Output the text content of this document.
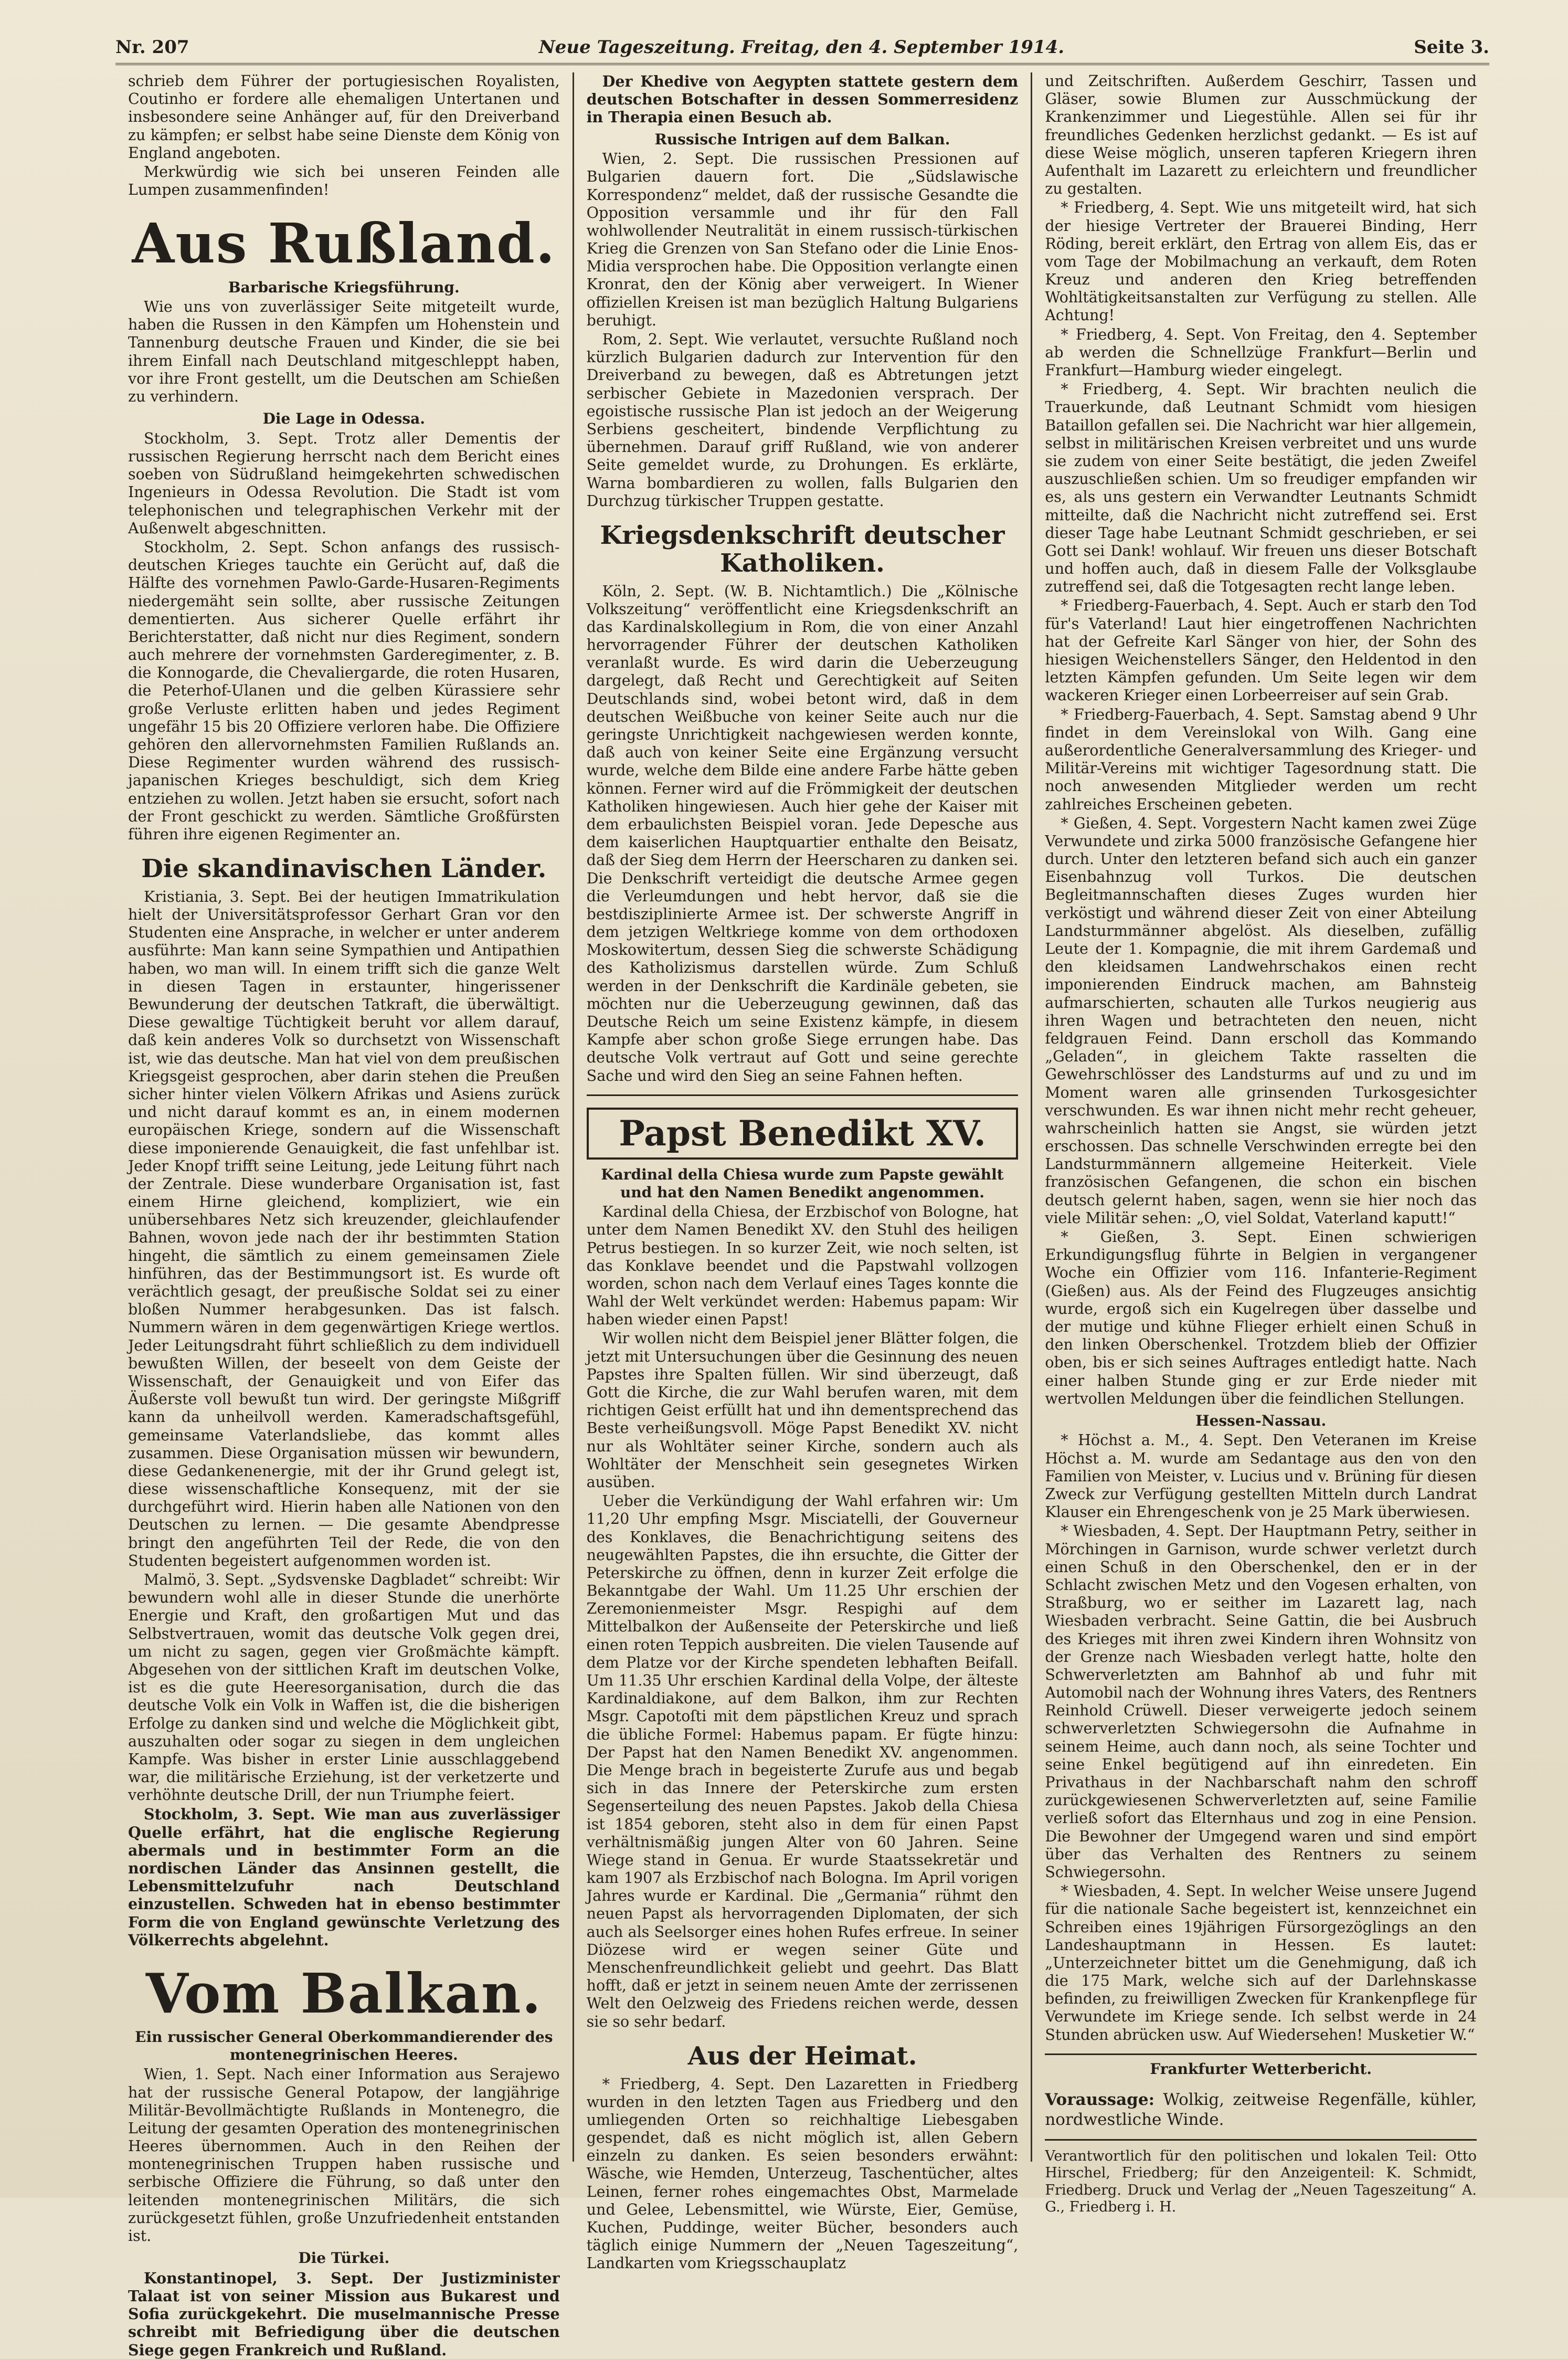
Nr. 207	Neue Tageszeitung. Freitag, den 4. September 1914.	Seite 3.

schrieb dem Führer der portugiesischen Royalisten, Coutinho er fordere alle ehemaligen Untertanen und insbesondere seine Anhänger auf, für den Dreiverband zu kämpfen; er selbst habe seine Dienste dem König von England angeboten.

Merkwürdig wie sich bei unseren Feinden alle Lumpen zusammenfinden!

Aus Rußland.
Barbarische Kriegsführung.

Wie uns von zuverlässiger Seite mitgeteilt wurde, haben die Russen in den Kämpfen um Hohenstein und Tannenburg deutsche Frauen und Kinder, die sie bei ihrem Einfall nach Deutschland mitgeschleppt haben, vor ihre Front gestellt, um die Deutschen am Schießen zu verhindern.

Die Lage in Odessa.

Stockholm, 3. Sept. Trotz aller Dementis der russischen Regierung herrscht nach dem Bericht eines soeben von Südrußland heimgekehrten schwedischen Ingenieurs in Odessa Revolution. Die Stadt ist vom telephonischen und telegraphischen Verkehr mit der Außenwelt abgeschnitten.

Stockholm, 2. Sept. Schon anfangs des russisch-deutschen Krieges tauchte ein Gerücht auf, daß die Hälfte des vornehmen Pawlo-Garde-Husaren-Regiments niedergemäht sein sollte, aber russische Zeitungen dementierten. Aus sicherer Quelle erfährt ihr Berichterstatter, daß nicht nur dies Regiment, sondern auch mehrere der vornehmsten Garderegimenter, z. B. die Konnogarde, die Chevaliergarde, die roten Husaren, die Peterhof-Ulanen und die gelben Kürassiere sehr große Verluste erlitten haben und jedes Regiment ungefähr 15 bis 20 Offiziere verloren habe. Die Offiziere gehören den allervornehmsten Familien Rußlands an. Diese Regimenter wurden während des russisch-japanischen Krieges beschuldigt, sich dem Krieg entziehen zu wollen. Jetzt haben sie ersucht, sofort nach der Front geschickt zu werden. Sämtliche Großfürsten führen ihre eigenen Regimenter an.

Die skandinavischen Länder.

Kristiania, 3. Sept. Bei der heutigen Immatrikulation hielt der Universitätsprofessor Gerhart Gran vor den Studenten eine Ansprache, in welcher er unter anderem ausführte: Man kann seine Sympathien und Antipathien haben, wo man will. In einem trifft sich die ganze Welt in diesen Tagen in erstaunter, hingerissener Bewunderung der deutschen Tatkraft, die überwältigt. Diese gewaltige Tüchtigkeit beruht vor allem darauf, daß kein anderes Volk so durchsetzt von Wissenschaft ist, wie das deutsche. Man hat viel von dem preußischen Kriegsgeist gesprochen, aber darin stehen die Preußen sicher hinter vielen Völkern Afrikas und Asiens zurück und nicht darauf kommt es an, in einem modernen europäischen Kriege, sondern auf die Wissenschaft diese imponierende Genauigkeit, die fast unfehlbar ist. Jeder Knopf trifft seine Leitung, jede Leitung führt nach der Zentrale. Diese wunderbare Organisation ist, fast einem Hirne gleichend, kompliziert, wie ein unübersehbares Netz sich kreuzender, gleichlaufender Bahnen, wovon jede nach der ihr bestimmten Station hingeht, die sämtlich zu einem gemeinsamen Ziele hinführen, das der Bestimmungsort ist. Es wurde oft verächtlich gesagt, der preußische Soldat sei zu einer bloßen Nummer herabgesunken. Das ist falsch. Nummern wären in dem gegenwärtigen Kriege wertlos. Jeder Leitungsdraht führt schließlich zu dem individuell bewußten Willen, der beseelt von dem Geiste der Wissenschaft, der Genauigkeit und von Eifer das Äußerste voll bewußt tun wird. Der geringste Mißgriff kann da unheilvoll werden. Kameradschaftsgefühl, gemeinsame Vaterlandsliebe, das kommt alles zusammen. Diese Organisation müssen wir bewundern, diese Gedankenenergie, mit der ihr Grund gelegt ist, diese wissenschaftliche Konsequenz, mit der sie durchgeführt wird. Hierin haben alle Nationen von den Deutschen zu lernen. — Die gesamte Abendpresse bringt den angeführten Teil der Rede, die von den Studenten begeistert aufgenommen worden ist.

Malmö, 3. Sept. „Sydsvenske Dagbladet“ schreibt: Wir bewundern wohl alle in dieser Stunde die unerhörte Energie und Kraft, den großartigen Mut und das Selbstvertrauen, womit das deutsche Volk gegen drei, um nicht zu sagen, gegen vier Großmächte kämpft. Abgesehen von der sittlichen Kraft im deutschen Volke, ist es die gute Heeresorganisation, durch die das deutsche Volk ein Volk in Waffen ist, die die bisherigen Erfolge zu danken sind und welche die Möglichkeit gibt, auszuhalten oder sogar zu siegen in dem ungleichen Kampfe. Was bisher in erster Linie ausschlaggebend war, die militärische Erziehung, ist der verketzerte und verhöhnte deutsche Drill, der nun Triumphe feiert.

Stockholm, 3. Sept. Wie man aus zuverlässiger Quelle erfährt, hat die englische Regierung abermals und in bestimmter Form an die nordischen Länder das Ansinnen gestellt, die Lebensmittelzufuhr nach Deutschland einzustellen. Schweden hat in ebenso bestimmter Form die von England gewünschte Verletzung des Völkerrechts abgelehnt.

Vom Balkan.
Ein russischer General Oberkommandierender des montenegrinischen Heeres.

Wien, 1. Sept. Nach einer Information aus Serajewo hat der russische General Potapow, der langjährige Militär-Bevollmächtigte Rußlands in Montenegro, die Leitung der gesamten Operation des montenegrinischen Heeres übernommen. Auch in den Reihen der montenegrinischen Truppen haben russische und serbische Offiziere die Führung, so daß unter den leitenden montenegrinischen Militärs, die sich zurückgesetzt fühlen, große Unzufriedenheit entstanden ist.

Die Türkei.

Konstantinopel, 3. Sept. Der Justizminister Talaat ist von seiner Mission aus Bukarest und Sofia zurückgekehrt. Die muselmannische Presse schreibt mit Befriedigung über die deutschen Siege gegen Frankreich und Rußland.

Der Khedive von Aegypten stattete gestern dem deutschen Botschafter in dessen Sommerresidenz in Therapia einen Besuch ab.

Russische Intrigen auf dem Balkan.

Wien, 2. Sept. Die russischen Pressionen auf Bulgarien dauern fort. Die „Südslawische Korrespondenz“ meldet, daß der russische Gesandte die Opposition versammle und ihr für den Fall wohlwollender Neutralität in einem russisch-türkischen Krieg die Grenzen von San Stefano oder die Linie Enos-Midia versprochen habe. Die Opposition verlangte einen Kronrat, den der König aber verweigert. In Wiener offiziellen Kreisen ist man bezüglich Haltung Bulgariens beruhigt.

Rom, 2. Sept. Wie verlautet, versuchte Rußland noch kürzlich Bulgarien dadurch zur Intervention für den Dreiverband zu bewegen, daß es Abtretungen jetzt serbischer Gebiete in Mazedonien versprach. Der egoistische russische Plan ist jedoch an der Weigerung Serbiens gescheitert, bindende Verpflichtung zu übernehmen. Darauf griff Rußland, wie von anderer Seite gemeldet wurde, zu Drohungen. Es erklärte, Warna bombardieren zu wollen, falls Bulgarien den Durchzug türkischer Truppen gestatte.

Kriegsdenkschrift deutscher Katholiken.

Köln, 2. Sept. (W. B. Nichtamtlich.) Die „Kölnische Volkszeitung“ veröffentlicht eine Kriegsdenkschrift an das Kardinalskollegium in Rom, die von einer Anzahl hervorragender Führer der deutschen Katholiken veranlaßt wurde. Es wird darin die Ueberzeugung dargelegt, daß Recht und Gerechtigkeit auf Seiten Deutschlands sind, wobei betont wird, daß in dem deutschen Weißbuche von keiner Seite auch nur die geringste Unrichtigkeit nachgewiesen werden konnte, daß auch von keiner Seite eine Ergänzung versucht wurde, welche dem Bilde eine andere Farbe hätte geben können. Ferner wird auf die Frömmigkeit der deutschen Katholiken hingewiesen. Auch hier gehe der Kaiser mit dem erbaulichsten Beispiel voran. Jede Depesche aus dem kaiserlichen Hauptquartier enthalte den Beisatz, daß der Sieg dem Herrn der Heerscharen zu danken sei. Die Denkschrift verteidigt die deutsche Armee gegen die Verleumdungen und hebt hervor, daß sie die bestdisziplinierte Armee ist. Der schwerste Angriff in dem jetzigen Weltkriege komme von dem orthodoxen Moskowitertum, dessen Sieg die schwerste Schädigung des Katholizismus darstellen würde. Zum Schluß werden in der Denkschrift die Kardinäle gebeten, sie möchten nur die Ueberzeugung gewinnen, daß das Deutsche Reich um seine Existenz kämpfe, in diesem Kampfe aber schon große Siege errungen habe. Das deutsche Volk vertraut auf Gott und seine gerechte Sache und wird den Sieg an seine Fahnen heften.

Papst Benedikt XV.
Kardinal della Chiesa wurde zum Papste gewählt und hat den Namen Benedikt angenommen.

Kardinal della Chiesa, der Erzbischof von Bologne, hat unter dem Namen Benedikt XV. den Stuhl des heiligen Petrus bestiegen. In so kurzer Zeit, wie noch selten, ist das Konklave beendet und die Papstwahl vollzogen worden, schon nach dem Verlauf eines Tages konnte die Wahl der Welt verkündet werden: Habemus papam: Wir haben wieder einen Papst!

Wir wollen nicht dem Beispiel jener Blätter folgen, die jetzt mit Untersuchungen über die Gesinnung des neuen Papstes ihre Spalten füllen. Wir sind überzeugt, daß Gott die Kirche, die zur Wahl berufen waren, mit dem richtigen Geist erfüllt hat und ihn dementsprechend das Beste verheißungsvoll. Möge Papst Benedikt XV. nicht nur als Wohltäter seiner Kirche, sondern auch als Wohltäter der Menschheit sein gesegnetes Wirken ausüben.

Ueber die Verkündigung der Wahl erfahren wir: Um 11,20 Uhr empfing Msgr. Misciatelli, der Gouverneur des Konklaves, die Benachrichtigung seitens des neugewählten Papstes, die ihn ersuchte, die Gitter der Peterskirche zu öffnen, denn in kurzer Zeit erfolge die Bekanntgabe der Wahl. Um 11.25 Uhr erschien der Zeremonienmeister Msgr. Respighi auf dem Mittelbalkon der Außenseite der Peterskirche und ließ einen roten Teppich ausbreiten. Die vielen Tausende auf dem Platze vor der Kirche spendeten lebhaften Beifall. Um 11.35 Uhr erschien Kardinal della Volpe, der älteste Kardinaldiakone, auf dem Balkon, ihm zur Rechten Msgr. Capotoſti mit dem päpstlichen Kreuz und sprach die übliche Formel: Habemus papam. Er fügte hinzu: Der Papst hat den Namen Benedikt XV. angenommen. Die Menge brach in begeisterte Zurufe aus und begab sich in das Innere der Peterskirche zum ersten Segenserteilung des neuen Papstes. Jakob della Chiesa ist 1854 geboren, steht also in dem für einen Papst verhältnismäßig jungen Alter von 60 Jahren. Seine Wiege stand in Genua. Er wurde Staatssekretär und kam 1907 als Erzbischof nach Bologna. Im April vorigen Jahres wurde er Kardinal. Die „Germania“ rühmt den neuen Papst als hervorragenden Diplomaten, der sich auch als Seelsorger eines hohen Rufes erfreue. In seiner Diözese wird er wegen seiner Güte und Menschenfreundlichkeit geliebt und geehrt. Das Blatt hofft, daß er jetzt in seinem neuen Amte der zerrissenen Welt den Oelzweig des Friedens reichen werde, dessen sie so sehr bedarf.

Aus der Heimat.

* Friedberg, 4. Sept. Den Lazaretten in Friedberg wurden in den letzten Tagen aus Friedberg und den umliegenden Orten so reichhaltige Liebesgaben gespendet, daß es nicht möglich ist, allen Gebern einzeln zu danken. Es seien besonders erwähnt: Wäsche, wie Hemden, Unterzeug, Taschentücher, altes Leinen, ferner rohes eingemachtes Obst, Marmelade und Gelee, Lebensmittel, wie Würste, Eier, Gemüse, Kuchen, Puddinge, weiter Bücher, besonders auch täglich einige Nummern der „Neuen Tageszeitung“, Landkarten vom Kriegsschauplatz

und Zeitschriften. Außerdem Geschirr, Tassen und Gläser, sowie Blumen zur Ausschmückung der Krankenzimmer und Liegestühle. Allen sei für ihr freundliches Gedenken herzlichst gedankt. — Es ist auf diese Weise möglich, unseren tapferen Kriegern ihren Aufenthalt im Lazarett zu erleichtern und freundlicher zu gestalten.

* Friedberg, 4. Sept. Wie uns mitgeteilt wird, hat sich der hiesige Vertreter der Brauerei Binding, Herr Röding, bereit erklärt, den Ertrag von allem Eis, das er vom Tage der Mobilmachung an verkauft, dem Roten Kreuz und anderen den Krieg betreffenden Wohltätigkeitsanstalten zur Verfügung zu stellen. Alle Achtung!

* Friedberg, 4. Sept. Von Freitag, den 4. September ab werden die Schnellzüge Frankfurt—Berlin und Frankfurt—Hamburg wieder eingelegt.

* Friedberg, 4. Sept. Wir brachten neulich die Trauerkunde, daß Leutnant Schmidt vom hiesigen Bataillon gefallen sei. Die Nachricht war hier allgemein, selbst in militärischen Kreisen verbreitet und uns wurde sie zudem von einer Seite bestätigt, die jeden Zweifel auszuschließen schien. Um so freudiger empfanden wir es, als uns gestern ein Verwandter Leutnants Schmidt mitteilte, daß die Nachricht nicht zutreffend sei. Erst dieser Tage habe Leutnant Schmidt geschrieben, er sei Gott sei Dank! wohlauf. Wir freuen uns dieser Botschaft und hoffen auch, daß in diesem Falle der Volksglaube zutreffend sei, daß die Totgesagten recht lange leben.

* Friedberg-Fauerbach, 4. Sept. Auch er starb den Tod für's Vaterland! Laut hier eingetroffenen Nachrichten hat der Gefreite Karl Sänger von hier, der Sohn des hiesigen Weichenstellers Sänger, den Heldentod in den letzten Kämpfen gefunden. Um Seite legen wir dem wackeren Krieger einen Lorbeerreiser auf sein Grab.

* Friedberg-Fauerbach, 4. Sept. Samstag abend 9 Uhr findet in dem Vereinslokal von Wilh. Gang eine außerordentliche Generalversammlung des Krieger- und Militär-Vereins mit wichtiger Tagesordnung statt. Die noch anwesenden Mitglieder werden um recht zahlreiches Erscheinen gebeten.

* Gießen, 4. Sept. Vorgestern Nacht kamen zwei Züge Verwundete und zirka 5000 französische Gefangene hier durch. Unter den letzteren befand sich auch ein ganzer Eisenbahnzug voll Turkos. Die deutschen Begleitmannschaften dieses Zuges wurden hier verköstigt und während dieser Zeit von einer Abteilung Landsturmmänner abgelöst. Als dieselben, zufällig Leute der 1. Kompagnie, die mit ihrem Gardemaß und den kleidsamen Landwehrschakos einen recht imponierenden Eindruck machen, am Bahnsteig aufmarschierten, schauten alle Turkos neugierig aus ihren Wagen und betrachteten den neuen, nicht feldgrauen Feind. Dann erscholl das Kommando „Geladen“, in gleichem Takte rasselten die Gewehrschlösser des Landsturms auf und zu und im Moment waren alle grinsenden Turkosgesichter verschwunden. Es war ihnen nicht mehr recht geheuer, wahrscheinlich hatten sie Angst, sie würden jetzt erschossen. Das schnelle Verschwinden erregte bei den Landsturmmännern allgemeine Heiterkeit. Viele französischen Gefangenen, die schon ein bischen deutsch gelernt haben, sagen, wenn sie hier noch das viele Militär sehen: „O, viel Soldat, Vaterland kaputt!“

* Gießen, 3. Sept. Einen schwierigen Erkundigungsflug führte in Belgien in vergangener Woche ein Offizier vom 116. Infanterie-Regiment (Gießen) aus. Als der Feind des Flugzeuges ansichtig wurde, ergoß sich ein Kugelregen über dasselbe und der mutige und kühne Flieger erhielt einen Schuß in den linken Oberschenkel. Trotzdem blieb der Offizier oben, bis er sich seines Auftrages entledigt hatte. Nach einer halben Stunde ging er zur Erde nieder mit wertvollen Meldungen über die feindlichen Stellungen.

Hessen-Nassau.

* Höchst a. M., 4. Sept. Den Veteranen im Kreise Höchst a. M. wurde am Sedantage aus den von den Familien von Meister, v. Lucius und v. Brüning für diesen Zweck zur Verfügung gestellten Mitteln durch Landrat Klauser ein Ehrengeschenk von je 25 Mark überwiesen.

* Wiesbaden, 4. Sept. Der Hauptmann Petry, seither in Mörchingen in Garnison, wurde schwer verletzt durch einen Schuß in den Oberschenkel, den er in der Schlacht zwischen Metz und den Vogesen erhalten, von Straßburg, wo er seither im Lazarett lag, nach Wiesbaden verbracht. Seine Gattin, die bei Ausbruch des Krieges mit ihren zwei Kindern ihren Wohnsitz von der Grenze nach Wiesbaden verlegt hatte, holte den Schwerverletzten am Bahnhof ab und fuhr mit Automobil nach der Wohnung ihres Vaters, des Rentners Reinhold Crüwell. Dieser verweigerte jedoch seinem schwerverletzten Schwiegersohn die Aufnahme in seinem Heime, auch dann noch, als seine Tochter und seine Enkel begütigend auf ihn einredeten. Ein Privathaus in der Nachbarschaft nahm den schroff zurückgewiesenen Schwerverletzten auf, seine Familie verließ sofort das Elternhaus und zog in eine Pension. Die Bewohner der Umgegend waren und sind empört über das Verhalten des Rentners zu seinem Schwiegersohn.

* Wiesbaden, 4. Sept. In welcher Weise unsere Jugend für die nationale Sache begeistert ist, kennzeichnet ein Schreiben eines 19jährigen Fürsorgezöglings an den Landeshauptmann in Hessen. Es lautet: „Unterzeichneter bittet um die Genehmigung, daß ich die 175 Mark, welche sich auf der Darlehnskasse befinden, zu freiwilligen Zwecken für Krankenpflege für Verwundete im Kriege sende. Ich selbst werde in 24 Stunden abrücken usw. Auf Wiedersehen! Musketier W.“

Frankfurter Wetterbericht.

Voraussage: Wolkig, zeitweise Regenfälle, kühler, nordwestliche Winde.

Verantwortlich für den politischen und lokalen Teil: Otto Hirschel, Friedberg; für den Anzeigenteil: K. Schmidt, Friedberg. Druck und Verlag der „Neuen Tageszeitung“ A. G., Friedberg i. H.
